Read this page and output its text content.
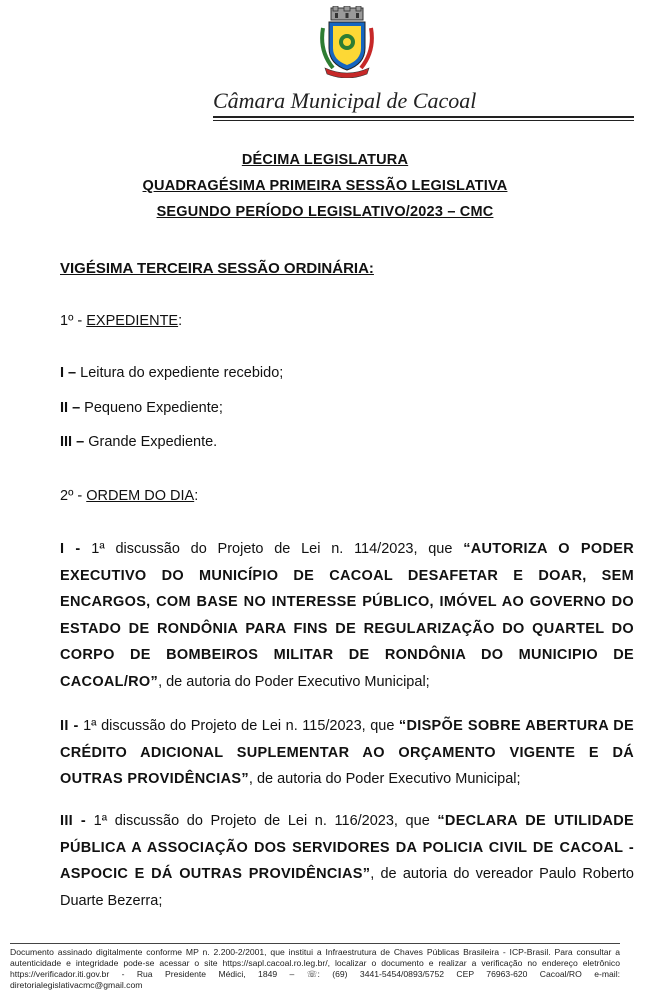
Câmara Municipal de Cacoal
DÉCIMA LEGISLATURA
QUADRAGÉSIMA PRIMEIRA SESSÃO LEGISLATIVA
SEGUNDO PERÍODO LEGISLATIVO/2023 – CMC
VIGÉSIMA TERCEIRA SESSÃO ORDINÁRIA:
1º - EXPEDIENTE:
I – Leitura do expediente recebido;
II – Pequeno Expediente;
III – Grande Expediente.
2º - ORDEM DO DIA:
I - 1ª discussão do Projeto de Lei n. 114/2023, que “AUTORIZA O PODER EXECUTIVO DO MUNICÍPIO DE CACOAL DESAFETAR E DOAR, SEM ENCARGOS, COM BASE NO INTERESSE PÚBLICO, IMÓVEL AO GOVERNO DO ESTADO DE RONDÔNIA PARA FINS DE REGULARIZAÇÃO DO QUARTEL DO CORPO DE BOMBEIROS MILITAR DE RONDÔNIA DO MUNICIPIO DE CACOAL/RO”, de autoria do Poder Executivo Municipal;
II - 1ª discussão do Projeto de Lei n. 115/2023, que “DISPÕE SOBRE ABERTURA DE CRÉDITO ADICIONAL SUPLEMENTAR AO ORÇAMENTO VIGENTE E DÁ OUTRAS PROVIDÊNCIAS”, de autoria do Poder Executivo Municipal;
III - 1ª discussão do Projeto de Lei n. 116/2023, que “DECLARA DE UTILIDADE PÚBLICA A ASSOCIAÇÃO DOS SERVIDORES DA POLICIA CIVIL DE CACOAL - ASPOCIC E DÁ OUTRAS PROVIDÊNCIAS”, de autoria do vereador Paulo Roberto Duarte Bezerra;
Documento assinado digitalmente conforme MP n. 2.200-2/2001, que institui a Infraestrutura de Chaves Públicas Brasileira - ICP-Brasil. Para consultar a autenticidade e integridade pode-se acessar o site https://sapl.cacoal.ro.leg.br/, localizar o documento e realizar a verificação no endereço eletrônico https://verificador.iti.gov.br - Rua Presidente Médici, 1849 – ☏: (69) 3441-5454/0893/5752 CEP 76963-620 Cacoal/RO e-mail: diretorialegislativacmc@gmail.com
